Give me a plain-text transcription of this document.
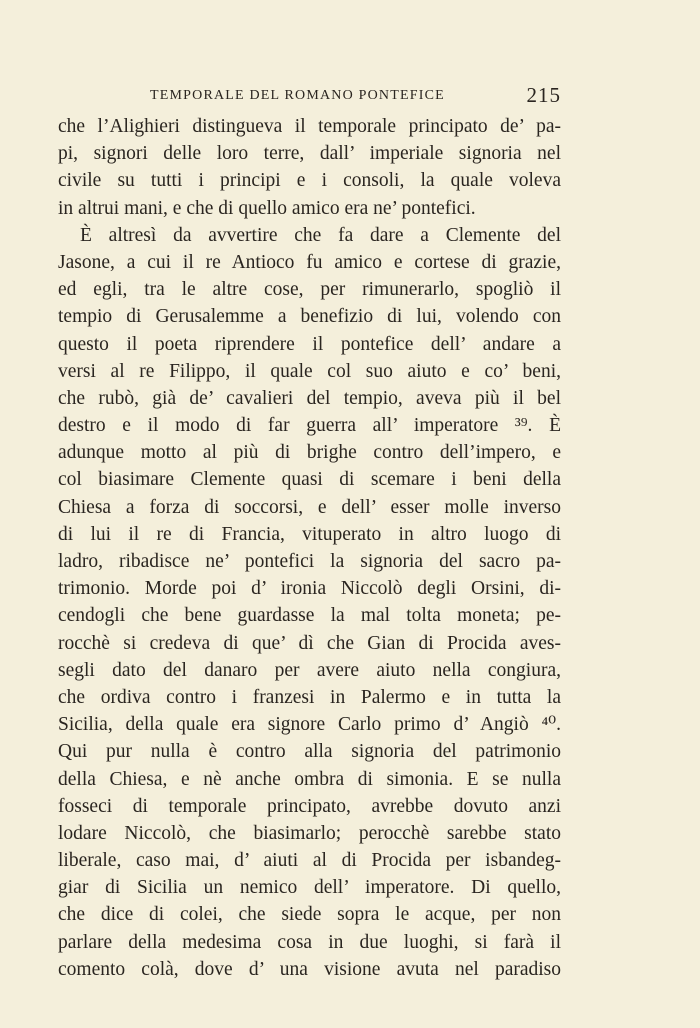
TEMPORALE DEL ROMANO PONTEFICE	215
che l’Alighieri distingueva il temporale principato de’ pa-
pi, signori delle loro terre, dall’ imperiale signoria nel
civile su tutti i principi e i consoli, la quale voleva
in altrui mani, e che di quello amico era ne’ pontefici.
È altresì da avvertire che fa dare a Clemente del
Jasone, a cui il re Antioco fu amico e cortese di grazie,
ed egli, tra le altre cose, per rimunerarlo, spogliò il
tempio di Gerusalemme a benefizio di lui, volendo con
questo il poeta riprendere il pontefice dell’ andare a
versi al re Filippo, il quale col suo aiuto e co’ beni,
che rubò, già de’ cavalieri del tempio, aveva più il bel
destro e il modo di far guerra all’ imperatore ³⁹. È
adunque motto al più di brighe contro dell’impero, e
col biasimare Clemente quasi di scemare i beni della
Chiesa a forza di soccorsi, e dell’ esser molle inverso
di lui il re di Francia, vituperato in altro luogo di
ladro, ribadisce ne’ pontefici la signoria del sacro pa-
trimonio. Morde poi d’ ironia Niccolò degli Orsini, di-
cendogli che bene guardasse la mal tolta moneta; pe-
rocchè si credeva di que’ dì che Gian di Procida aves-
segli dato del danaro per avere aiuto nella congiura,
che ordiva contro i franzesi in Palermo e in tutta la
Sicilia, della quale era signore Carlo primo d’ Angiò ⁴⁰.
Qui pur nulla è contro alla signoria del patrimonio
della Chiesa, e nè anche ombra di simonia. E se nulla
fosseci di temporale principato, avrebbe dovuto anzi
lodare Niccolò, che biasimarlo; perocchè sarebbe stato
liberale, caso mai, d’ aiuti al di Procida per isbandeg-
giar di Sicilia un nemico dell’ imperatore. Di quello,
che dice di colei, che siede sopra le acque, per non
parlare della medesima cosa in due luoghi, si farà il
comento colà, dove d’ una visione avuta nel paradiso
